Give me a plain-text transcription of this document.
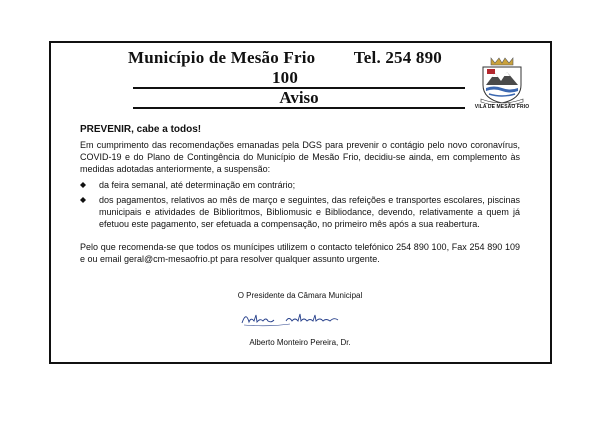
Município de Mesão Frio Tel. 254 890 100
Aviso	VILA DE MESÃO FRIO
PREVENIR, cabe a todos!

Em cumprimento das recomendações emanadas pela DGS para prevenir o contágio pelo novo coronavírus, COVID-19 e do Plano de Contingência do Município de Mesão Frio, decidiu-se ainda, em complemento às medidas adotadas anteriormente, a suspensão:

da feira semanal, até determinação em contrário;
dos pagamentos, relativos ao mês de março e seguintes, das refeições e transportes escolares, piscinas municipais e atividades de Biblioritmos, Bibliomusic e Bibliodance, devendo, relativamente a quem já efetuou este pagamento, ser efetuada a compensação, no primeiro mês após a sua reabertura.

Pelo que recomenda-se que todos os munícipes utilizem o contacto telefónico 254 890 100, Fax 254 890 109 e ou email geral@cm-mesaofrio.pt para resolver qualquer assunto urgente.

O Presidente da Câmara Municipal
Alberto Monteiro Pereira, Dr.
